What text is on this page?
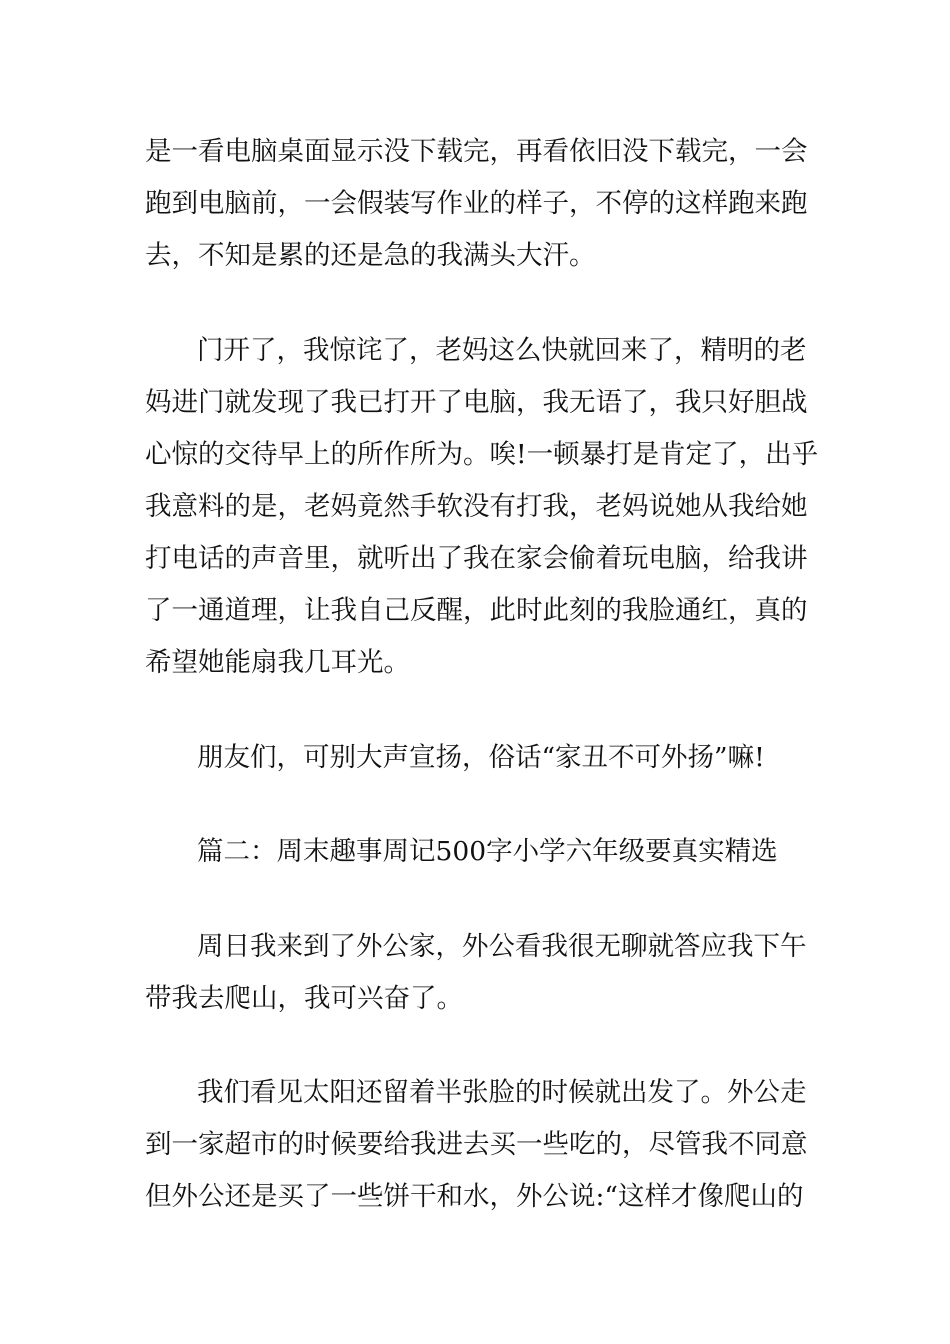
是一看电脑桌面显示没下载完，再看依旧没下载完，一会
跑到电脑前，一会假装写作业的样子，不停的这样跑来跑
去，不知是累的还是急的我满头大汗。
门开了，我惊诧了，老妈这么快就回来了，精明的老
妈进门就发现了我已打开了电脑，我无语了，我只好胆战
心惊的交待早上的所作所为。唉!一顿暴打是肯定了，出乎
我意料的是，老妈竟然手软没有打我，老妈说她从我给她
打电话的声音里，就听出了我在家会偷着玩电脑，给我讲
了一通道理，让我自己反醒，此时此刻的我脸通红，真的
希望她能扇我几耳光。
朋友们，可别大声宣扬，俗话“家丑不可外扬”嘛!
篇二：周末趣事周记500字小学六年级要真实精选
周日我来到了外公家，外公看我很无聊就答应我下午
带我去爬山，我可兴奋了。
我们看见太阳还留着半张脸的时候就出发了。外公走
到一家超市的时候要给我进去买一些吃的，尽管我不同意
但外公还是买了一些饼干和水，外公说:“这样才像爬山的
